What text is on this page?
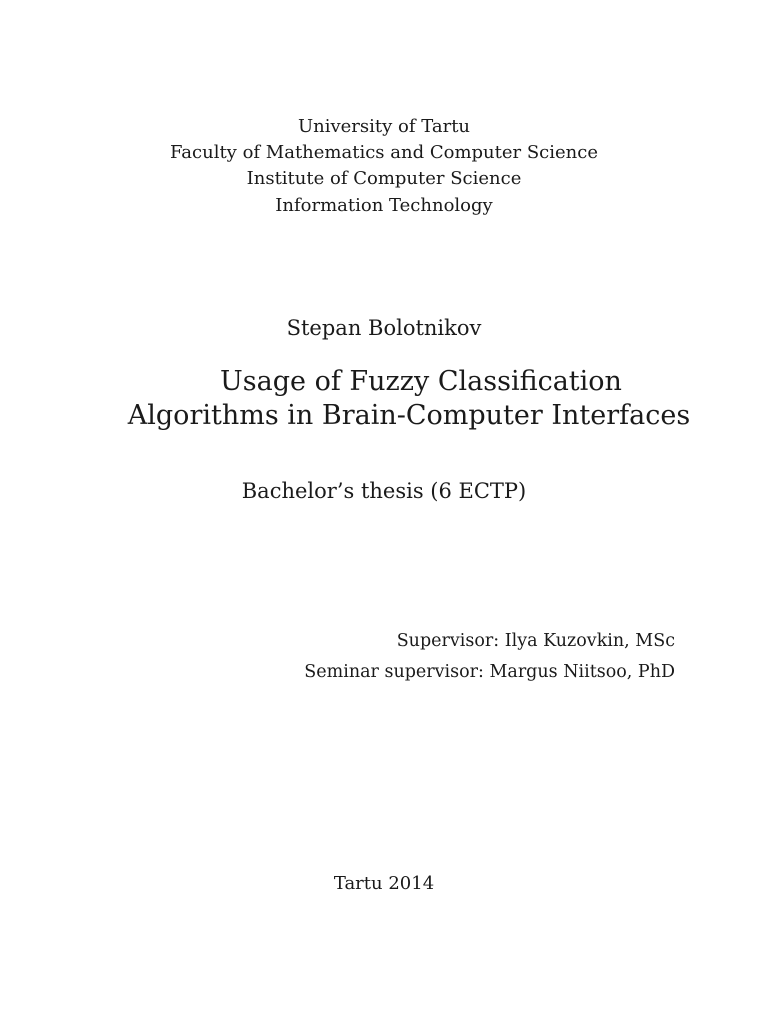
University of Tartu
Faculty of Mathematics and Computer Science
Institute of Computer Science
Information Technology
Stepan Bolotnikov
Usage of Fuzzy Classification
Algorithms in Brain-Computer Interfaces
Bachelor’s thesis (6 ECTP)
Supervisor: Ilya Kuzovkin, MSc
Seminar supervisor: Margus Niitsoo, PhD
Tartu 2014
